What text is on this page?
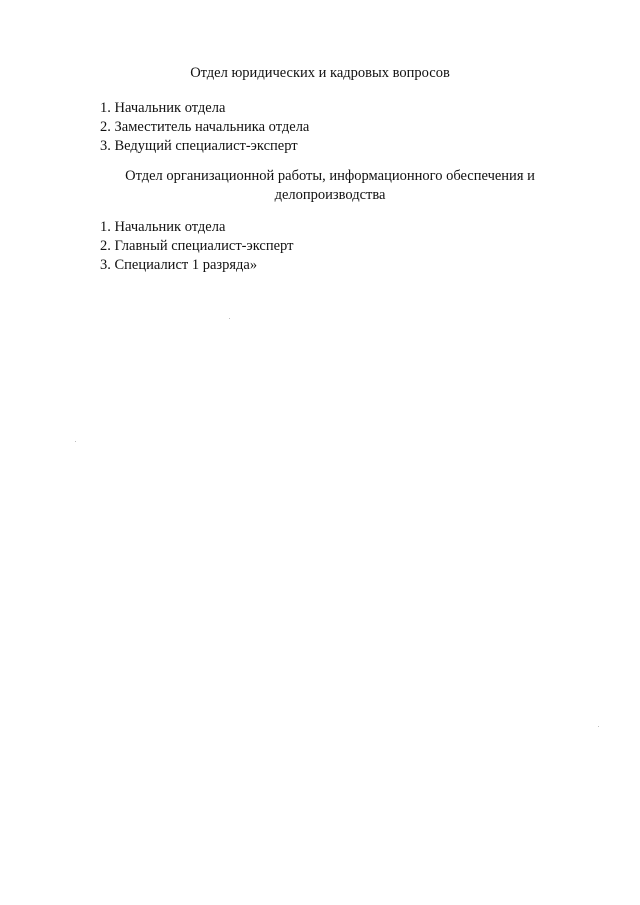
Отдел юридических и кадровых вопросов
1. Начальник отдела
2. Заместитель начальника отдела
3. Ведущий специалист-эксперт
Отдел организационной работы, информационного обеспечения и
делопроизводства
1. Начальник отдела
2. Главный специалист-эксперт
3. Специалист 1 разряда»
